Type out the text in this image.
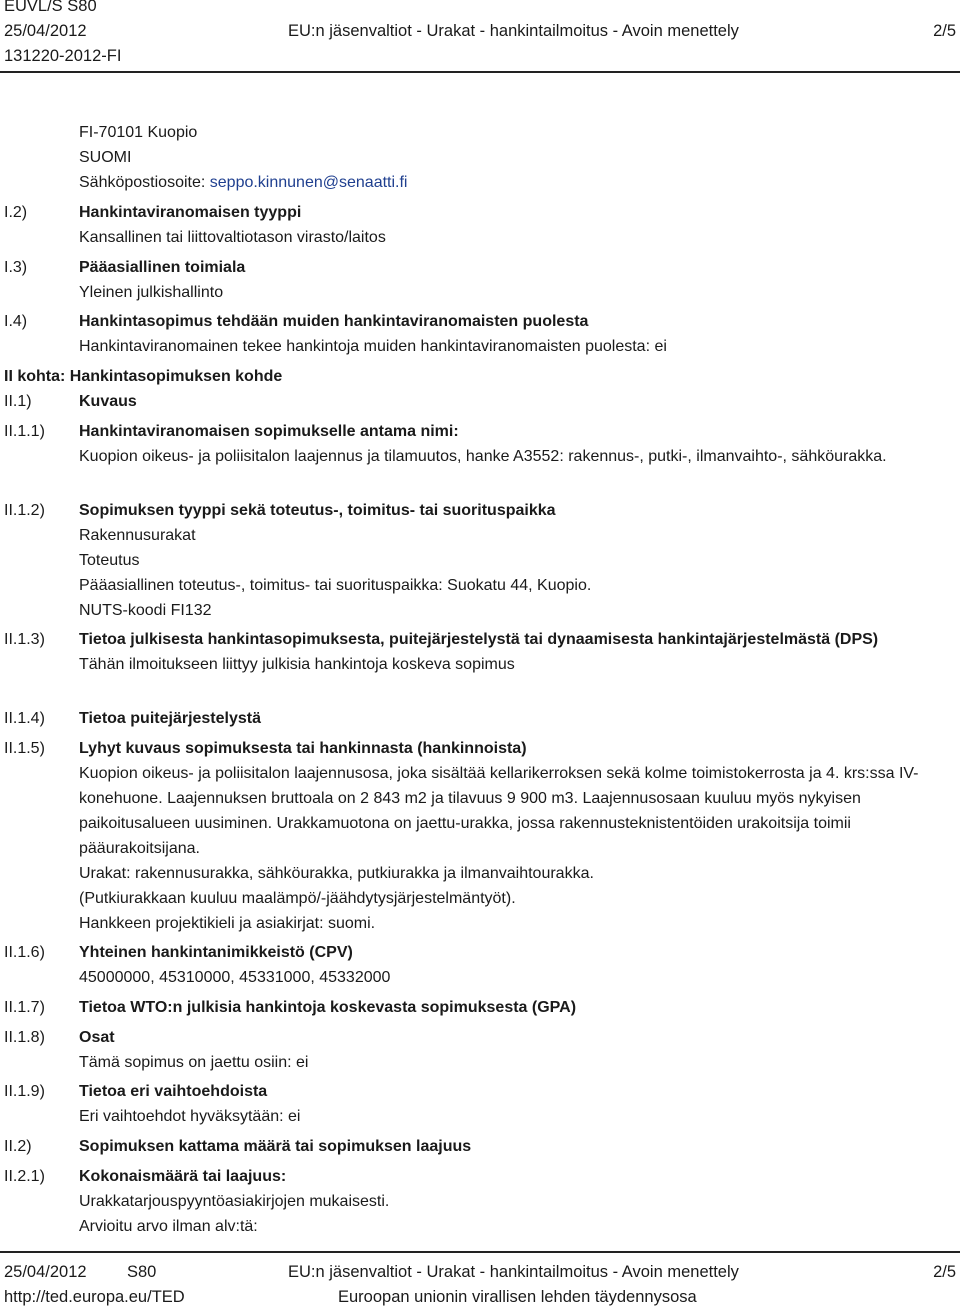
EUVL/S S80
25/04/2012	EU:n jäsenvaltiot - Urakat - hankintailmoitus - Avoin menettely	2/5
131220-2012-FI
FI-70101 Kuopio
SUOMI
Sähköpostiosoite: seppo.kinnunen@senaatti.fi
I.2)	Hankintaviranomaisen tyyppi
Kansallinen tai liittovaltiotason virasto/laitos
I.3)	Pääasiallinen toimiala
Yleinen julkishallinto
I.4)	Hankintasopimus tehdään muiden hankintaviranomaisten puolesta
Hankintaviranomainen tekee hankintoja muiden hankintaviranomaisten puolesta: ei
II kohta: Hankintasopimuksen kohde
II.1)	Kuvaus
II.1.1) Hankintaviranomaisen sopimukselle antama nimi:
Kuopion oikeus- ja poliisitalon laajennus ja tilamuutos, hanke A3552: rakennus-, putki-, ilmanvaihto-, sähköurakka.
II.1.2) Sopimuksen tyyppi sekä toteutus-, toimitus- tai suorituspaikka
Rakennusurakat
Toteutus
Pääasiallinen toteutus-, toimitus- tai suorituspaikka: Suokatu 44, Kuopio.
NUTS-koodi FI132
II.1.3) Tietoa julkisesta hankintasopimuksesta, puitejärjestelystä tai dynaamisesta hankintajärjestelmästä (DPS)
Tähän ilmoitukseen liittyy julkisia hankintoja koskeva sopimus
II.1.4) Tietoa puitejärjestelystä
II.1.5) Lyhyt kuvaus sopimuksesta tai hankinnasta (hankinnoista)
Kuopion oikeus- ja poliisitalon laajennusosa, joka sisältää kellarikerroksen sekä kolme toimistokerrosta ja 4. krs:ssa IV-konehuone. Laajennuksen bruttoala on 2 843 m2 ja tilavuus 9 900 m3. Laajennusosaan kuuluu myös nykyisen paikoitusalueen uusiminen. Urakkamuotona on jaettu-urakka, jossa rakennusteknistentöiden urakoitsija toimii pääurakoitsijana.
Urakat: rakennusurakka, sähköurakka, putkiurakka ja ilmanvaihtourakka.
(Putkiurakkaan kuuluu maalämpö/-jäähdytysjärjestelmäntyöt).
Hankkeen projektikieli ja asiakirjat: suomi.
II.1.6) Yhteinen hankintanimikkeistö (CPV)
45000000, 45310000, 45331000, 45332000
II.1.7) Tietoa WTO:n julkisia hankintoja koskevasta sopimuksesta (GPA)
II.1.8) Osat
Tämä sopimus on jaettu osiin: ei
II.1.9) Tietoa eri vaihtoehdoista
Eri vaihtoehdot hyväksytään: ei
II.2)	Sopimuksen kattama määrä tai sopimuksen laajuus
II.2.1) Kokonaismäärä tai laajuus:
Urakkatarjouspyyntöasiakirjojen mukaisesti.
Arvioitu arvo ilman alv:tä:
25/04/2012 S80	EU:n jäsenvaltiot - Urakat - hankintailmoitus - Avoin menettely	2/5
http://ted.europa.eu/TED	Euroopan unionin virallisen lehden täydennysosa
